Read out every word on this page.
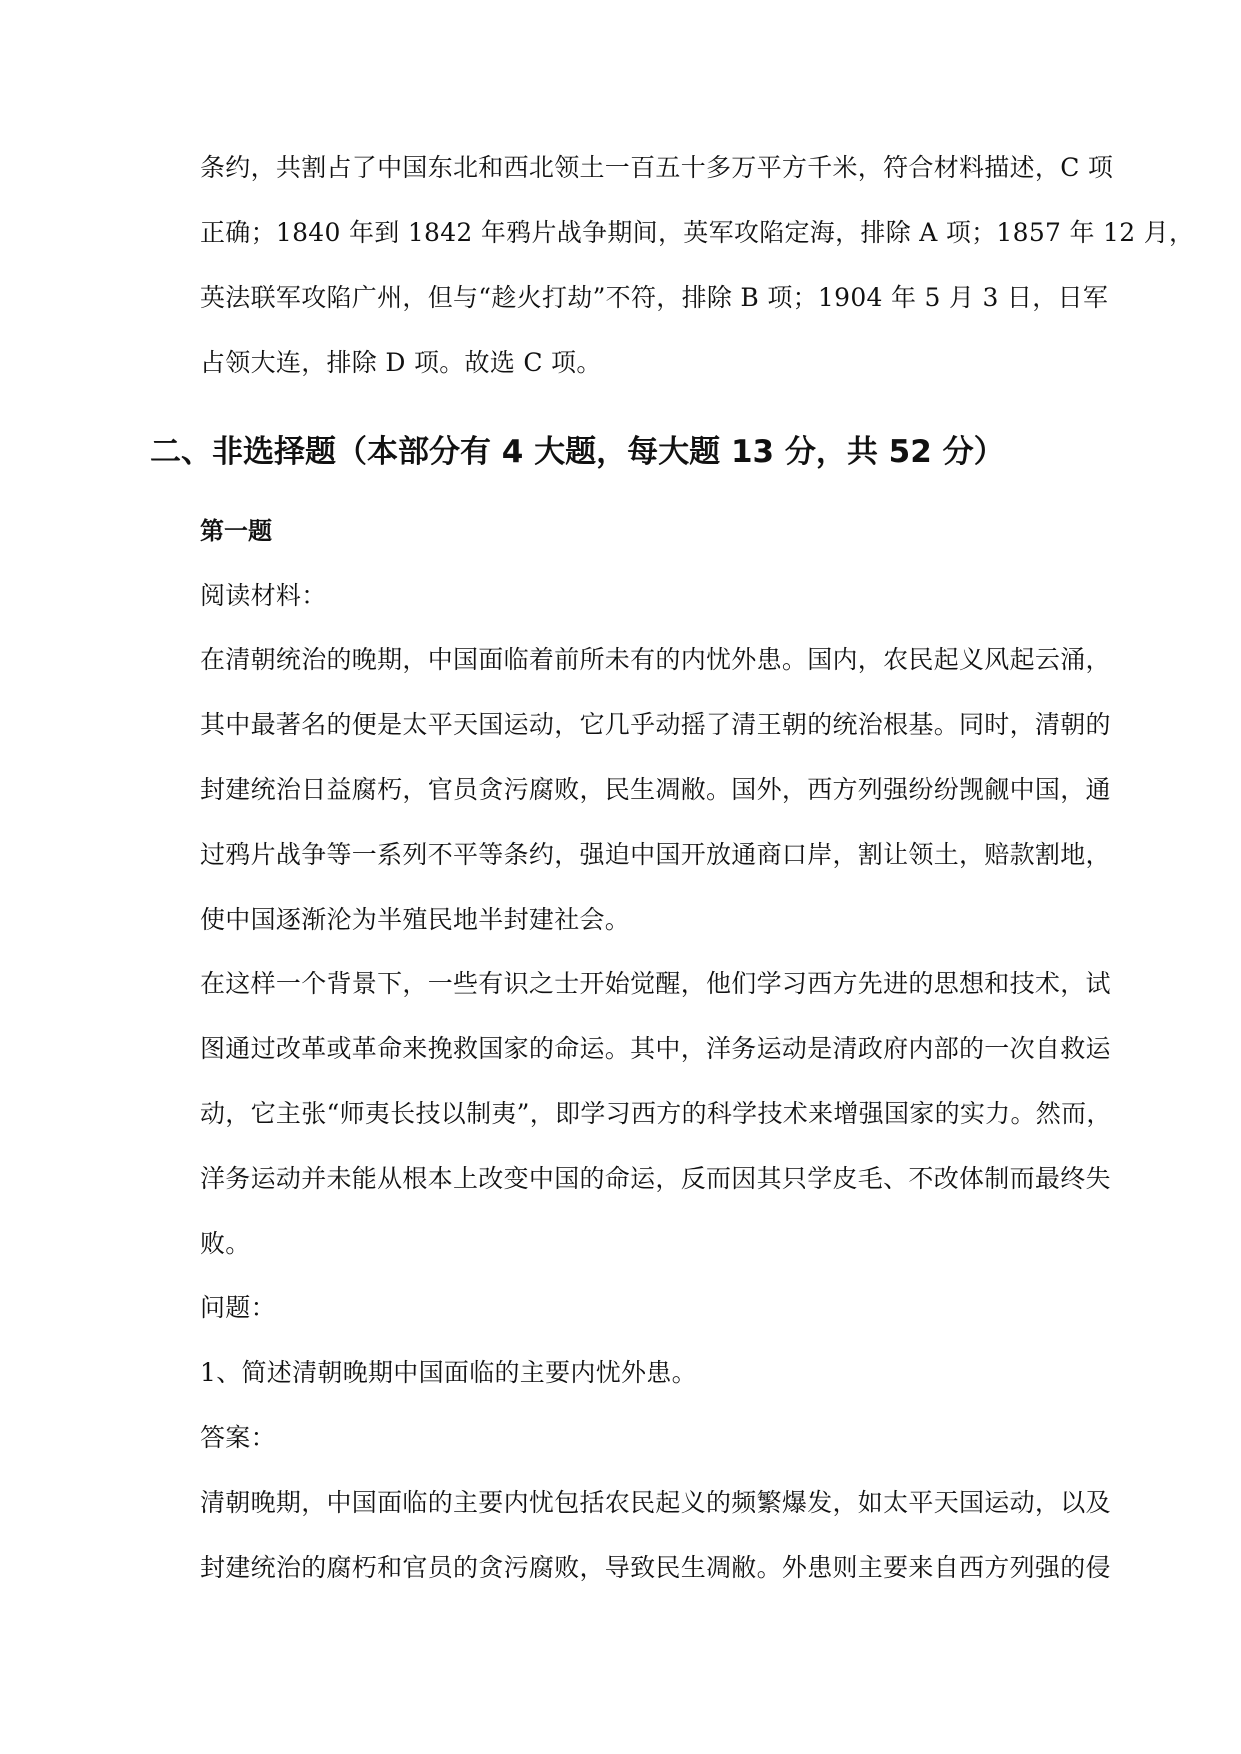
条约，共割占了中国东北和西北领土一百五十多万平方千米，符合材料描述，C 项
正确；1840 年到 1842 年鸦片战争期间，英军攻陷定海，排除 A 项；1857 年 12 月，
英法联军攻陷广州，但与“趁火打劫”不符，排除 B 项；1904 年 5 月 3 日，日军
占领大连，排除 D 项。故选 C 项。
二、非选择题（本部分有 4 大题，每大题 13 分，共 52 分）
第一题
阅读材料：
在清朝统治的晚期，中国面临着前所未有的内忧外患。国内，农民起义风起云涌，
其中最著名的便是太平天国运动，它几乎动摇了清王朝的统治根基。同时，清朝的
封建统治日益腐朽，官员贪污腐败，民生凋敝。国外，西方列强纷纷觊觎中国，通
过鸦片战争等一系列不平等条约，强迫中国开放通商口岸，割让领土，赔款割地，
使中国逐渐沦为半殖民地半封建社会。
在这样一个背景下，一些有识之士开始觉醒，他们学习西方先进的思想和技术，试
图通过改革或革命来挽救国家的命运。其中，洋务运动是清政府内部的一次自救运
动，它主张“师夷长技以制夷”，即学习西方的科学技术来增强国家的实力。然而，
洋务运动并未能从根本上改变中国的命运，反而因其只学皮毛、不改体制而最终失
败。
问题：
1、简述清朝晚期中国面临的主要内忧外患。
答案：
清朝晚期，中国面临的主要内忧包括农民起义的频繁爆发，如太平天国运动，以及
封建统治的腐朽和官员的贪污腐败，导致民生凋敝。外患则主要来自西方列强的侵
